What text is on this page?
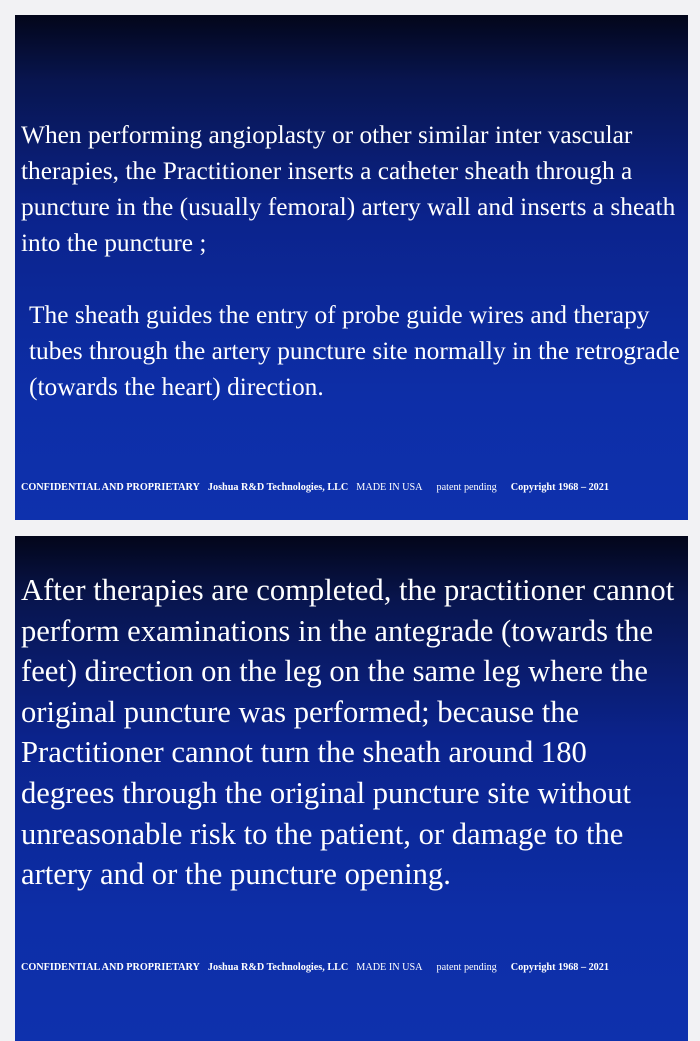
When performing angioplasty or other similar inter vascular therapies, the Practitioner inserts a catheter sheath through a puncture in the (usually femoral) artery wall and inserts a sheath into the puncture ;

The sheath guides the entry of probe guide wires and therapy tubes through the artery puncture site normally in the retrograde (towards the heart) direction.

CONFIDENTIAL AND PROPRIETARY Joshua R&D Technologies, LLC MADE IN USA patent pending Copyright 1968 – 2021

After therapies are completed, the practitioner cannot perform examinations in the antegrade (towards the feet) direction on the leg on the same leg where the original puncture was performed; because the Practitioner cannot turn the sheath around 180 degrees through the original puncture site without unreasonable risk to the patient, or damage to the artery and or the puncture opening.

CONFIDENTIAL AND PROPRIETARY Joshua R&D Technologies, LLC MADE IN USA patent pending Copyright 1968 – 2021
